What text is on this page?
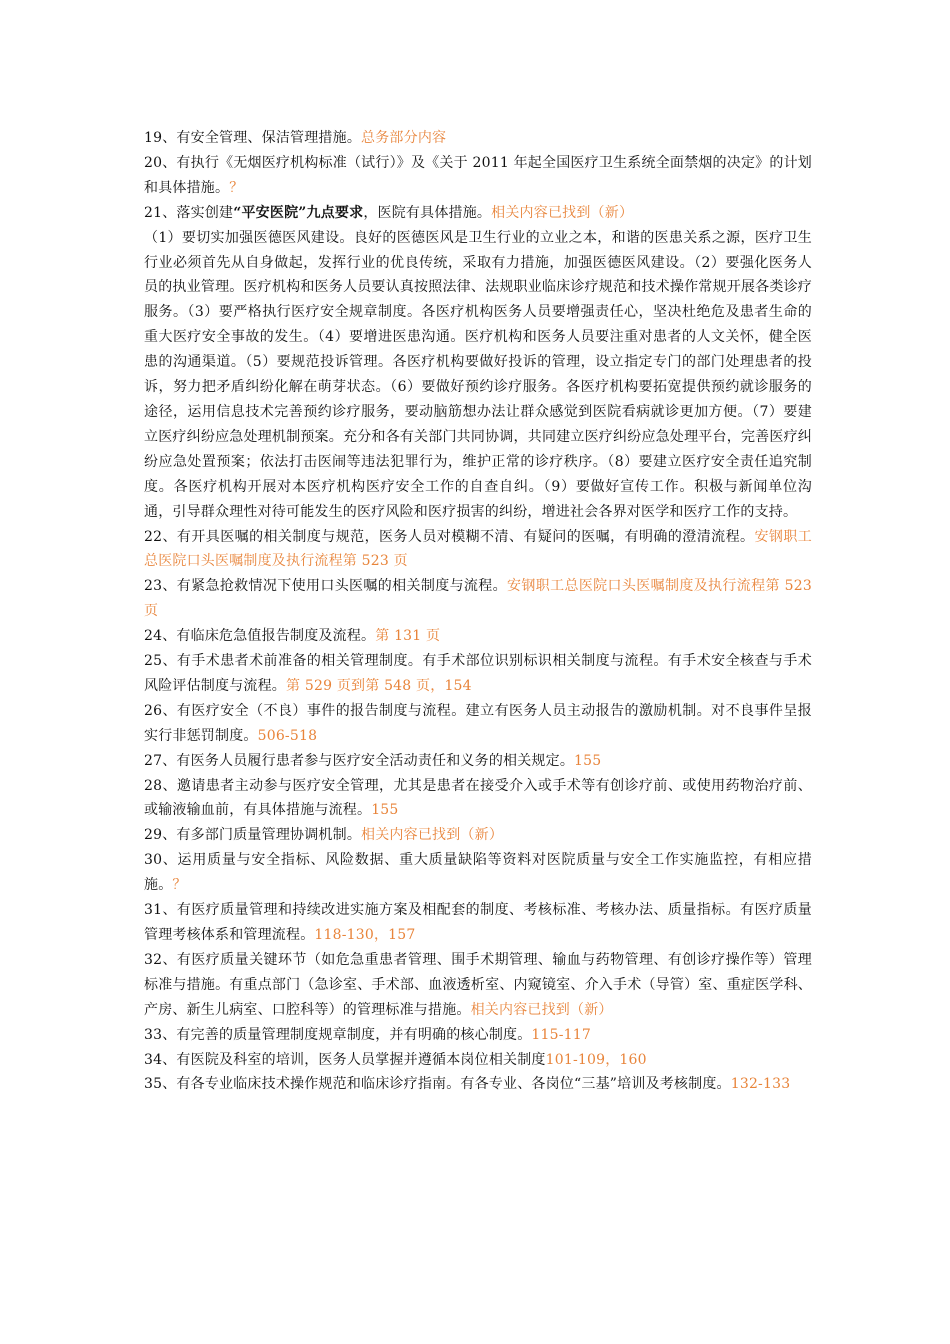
19、有安全管理、保洁管理措施。总务部分内容

20、有执行《无烟医疗机构标准（试行）》及《关于 2011 年起全国医疗卫生系统全面禁烟的决定》的计划和具体措施。？

21、落实创建“平安医院”九点要求，医院有具体措施。相关内容已找到（新）

（1）要切实加强医德医风建设。良好的医德医风是卫生行业的立业之本，和谐的医患关系之源，医疗卫生行业必须首先从自身做起，发挥行业的优良传统，采取有力措施，加强医德医风建设。（2）要强化医务人员的执业管理。医疗机构和医务人员要认真按照法律、法规职业临床诊疗规范和技术操作常规开展各类诊疗服务。（3）要严格执行医疗安全规章制度。各医疗机构医务人员要增强责任心，坚决杜绝危及患者生命的重大医疗安全事故的发生。（4）要增进医患沟通。医疗机构和医务人员要注重对患者的人文关怀，健全医患的沟通渠道。（5）要规范投诉管理。各医疗机构要做好投诉的管理，设立指定专门的部门处理患者的投诉，努力把矛盾纠纷化解在萌芽状态。（6）要做好预约诊疗服务。各医疗机构要拓宽提供预约就诊服务的途径，运用信息技术完善预约诊疗服务，要动脑筋想办法让群众感觉到医院看病就诊更加方便。（7）要建立医疗纠纷应急处理机制预案。充分和各有关部门共同协调，共同建立医疗纠纷应急处理平台，完善医疗纠纷应急处置预案；依法打击医闹等违法犯罪行为，维护正常的诊疗秩序。（8）要建立医疗安全责任追究制度。各医疗机构开展对本医疗机构医疗安全工作的自查自纠。（9）要做好宣传工作。积极与新闻单位沟通，引导群众理性对待可能发生的医疗风险和医疗损害的纠纷，增进社会各界对医学和医疗工作的支持。

22、有开具医嘱的相关制度与规范，医务人员对模糊不清、有疑问的医嘱，有明确的澄清流程。安钢职工总医院口头医嘱制度及执行流程第 523 页

23、有紧急抢救情况下使用口头医嘱的相关制度与流程。安钢职工总医院口头医嘱制度及执行流程第 523 页

24、有临床危急值报告制度及流程。第 131 页

25、有手术患者术前准备的相关管理制度。有手术部位识别标识相关制度与流程。有手术安全核查与手术风险评估制度与流程。第 529 页到第 548 页，154

26、有医疗安全（不良）事件的报告制度与流程。建立有医务人员主动报告的激励机制。对不良事件呈报实行非惩罚制度。506-518

27、有医务人员履行患者参与医疗安全活动责任和义务的相关规定。155

28、邀请患者主动参与医疗安全管理，尤其是患者在接受介入或手术等有创诊疗前、或使用药物治疗前、或输液输血前，有具体措施与流程。155

29、有多部门质量管理协调机制。相关内容已找到（新）

30、运用质量与安全指标、风险数据、重大质量缺陷等资料对医院质量与安全工作实施监控，有相应措施。？

31、有医疗质量管理和持续改进实施方案及相配套的制度、考核标准、考核办法、质量指标。有医疗质量管理考核体系和管理流程。118-130，157

32、有医疗质量关键环节（如危急重患者管理、围手术期管理、输血与药物管理、有创诊疗操作等）管理标准与措施。有重点部门（急诊室、手术部、血液透析室、内窥镜室、介入手术（导管）室、重症医学科、产房、新生儿病室、口腔科等）的管理标准与措施。相关内容已找到（新）

33、有完善的质量管理制度规章制度，并有明确的核心制度。115-117

34、有医院及科室的培训，医务人员掌握并遵循本岗位相关制度101-109，160

35、有各专业临床技术操作规范和临床诊疗指南。有各专业、各岗位“三基”培训及考核制度。132-133
